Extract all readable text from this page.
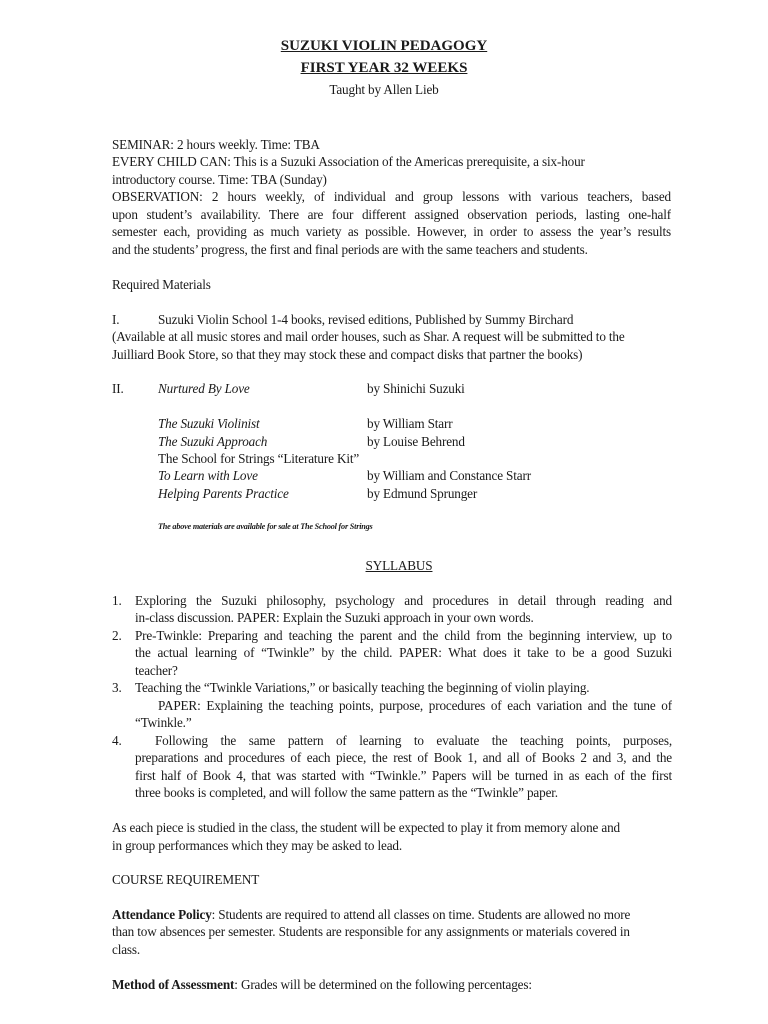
SUZUKI VIOLIN PEDAGOGY
FIRST YEAR 32 WEEKS
Taught by Allen Lieb
SEMINAR: 2 hours weekly. Time: TBA
EVERY CHILD CAN: This is a Suzuki Association of the Americas prerequisite, a six-hour
introductory course. Time: TBA (Sunday)
OBSERVATION: 2 hours weekly, of individual and group lessons with various teachers, based
upon student’s availability. There are four different assigned observation periods, lasting one-half
semester each, providing as much variety as possible. However, in order to assess the year’s results
and the students’ progress, the first and final periods are with the same teachers and students.
Required Materials
I.	Suzuki Violin School 1-4 books, revised editions, Published by Summy Birchard
(Available at all music stores and mail order houses, such as Shar. A request will be submitted to the
Juilliard Book Store, so that they may stock these and compact disks that partner the books)
II.	Nurtured By Love	by Shinichi Suzuki
The Suzuki Violinist	by William Starr
The Suzuki Approach	by Louise Behrend
The School for Strings “Literature Kit”
To Learn with Love	by William and Constance Starr
Helping Parents Practice	by Edmund Sprunger
The above materials are available for sale at The School for Strings
SYLLABUS
1. Exploring the Suzuki philosophy, psychology and procedures in detail through reading and
in-class discussion. PAPER: Explain the Suzuki approach in your own words.
2. Pre-Twinkle: Preparing and teaching the parent and the child from the beginning interview, up to
the actual learning of “Twinkle” by the child. PAPER: What does it take to be a good Suzuki
teacher?
3. Teaching the “Twinkle Variations,” or basically teaching the beginning of violin playing.
PAPER: Explaining the teaching points, purpose, procedures of each variation and the tune of
“Twinkle.”
4.	Following the same pattern of learning to evaluate the teaching points, purposes,
preparations and procedures of each piece, the rest of Book 1, and all of Books 2 and 3, and the
first half of Book 4, that was started with “Twinkle.” Papers will be turned in as each of the first
three books is completed, and will follow the same pattern as the “Twinkle” paper.
As each piece is studied in the class, the student will be expected to play it from memory alone and
in group performances which they may be asked to lead.
COURSE REQUIREMENT
Attendance Policy: Students are required to attend all classes on time. Students are allowed no more
than tow absences per semester. Students are responsible for any assignments or materials covered in
class.
Method of Assessment: Grades will be determined on the following percentages:
